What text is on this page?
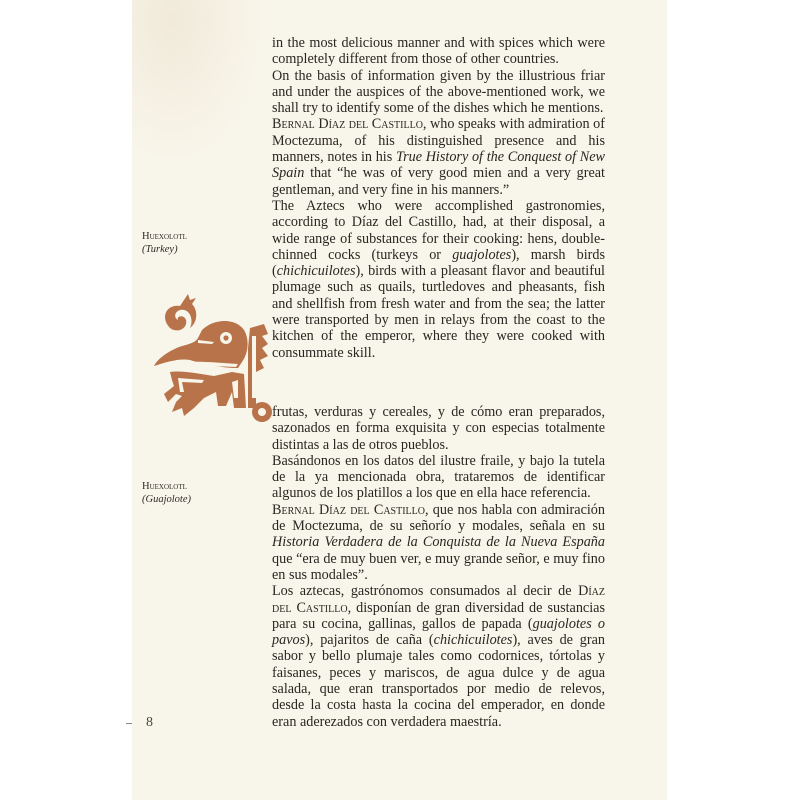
Huexolotl
(Turkey)
Huexolotl
(Guajolote)

in the most delicious manner and with spices which were completely different from those of other countries.

On the basis of information given by the illustrious friar and under the auspices of the above-mentioned work, we shall try to identify some of the dishes which he mentions.

Bernal Díaz del Castillo, who speaks with admiration of Moctezuma, of his distinguished presence and his manners, notes in his True History of the Conquest of New Spain that “he was of very good mien and a very great gentleman, and very fine in his manners.”

The Aztecs who were accomplished gastronomies, according to Díaz del Castillo, had, at their disposal, a wide range of substances for their cooking: hens, double-chinned cocks (turkeys or guajolotes), marsh birds (chichicuilotes), birds with a pleasant flavor and beautiful plumage such as quails, turtledoves and pheasants, fish and shellfish from fresh water and from the sea; the latter were transported by men in relays from the coast to the kitchen of the emperor, where they were cooked with consummate skill.

frutas, verduras y cereales, y de cómo eran preparados, sazonados en forma exquisita y con especias totalmente distintas a las de otros pueblos.

Basándonos en los datos del ilustre fraile, y bajo la tutela de la ya mencionada obra, trataremos de identificar algunos de los platillos a los que en ella hace referencia.

Bernal Díaz del Castillo, que nos habla con admiración de Moctezuma, de su señorío y modales, señala en su Historia Verdadera de la Conquista de la Nueva España que “era de muy buen ver, e muy grande señor, e muy fino en sus modales”.

Los aztecas, gastrónomos consumados al decir de Díaz del Castillo, disponían de gran diversidad de sustancias para su cocina, gallinas, gallos de papada (guajolotes o pavos), pajaritos de caña (chichicuilotes), aves de gran sabor y bello plumaje tales como codornices, tórtolas y faisanes, peces y mariscos, de agua dulce y de agua salada, que eran transportados por medio de relevos, desde la costa hasta la cocina del emperador, en donde eran aderezados con verdadera maestría.

8
